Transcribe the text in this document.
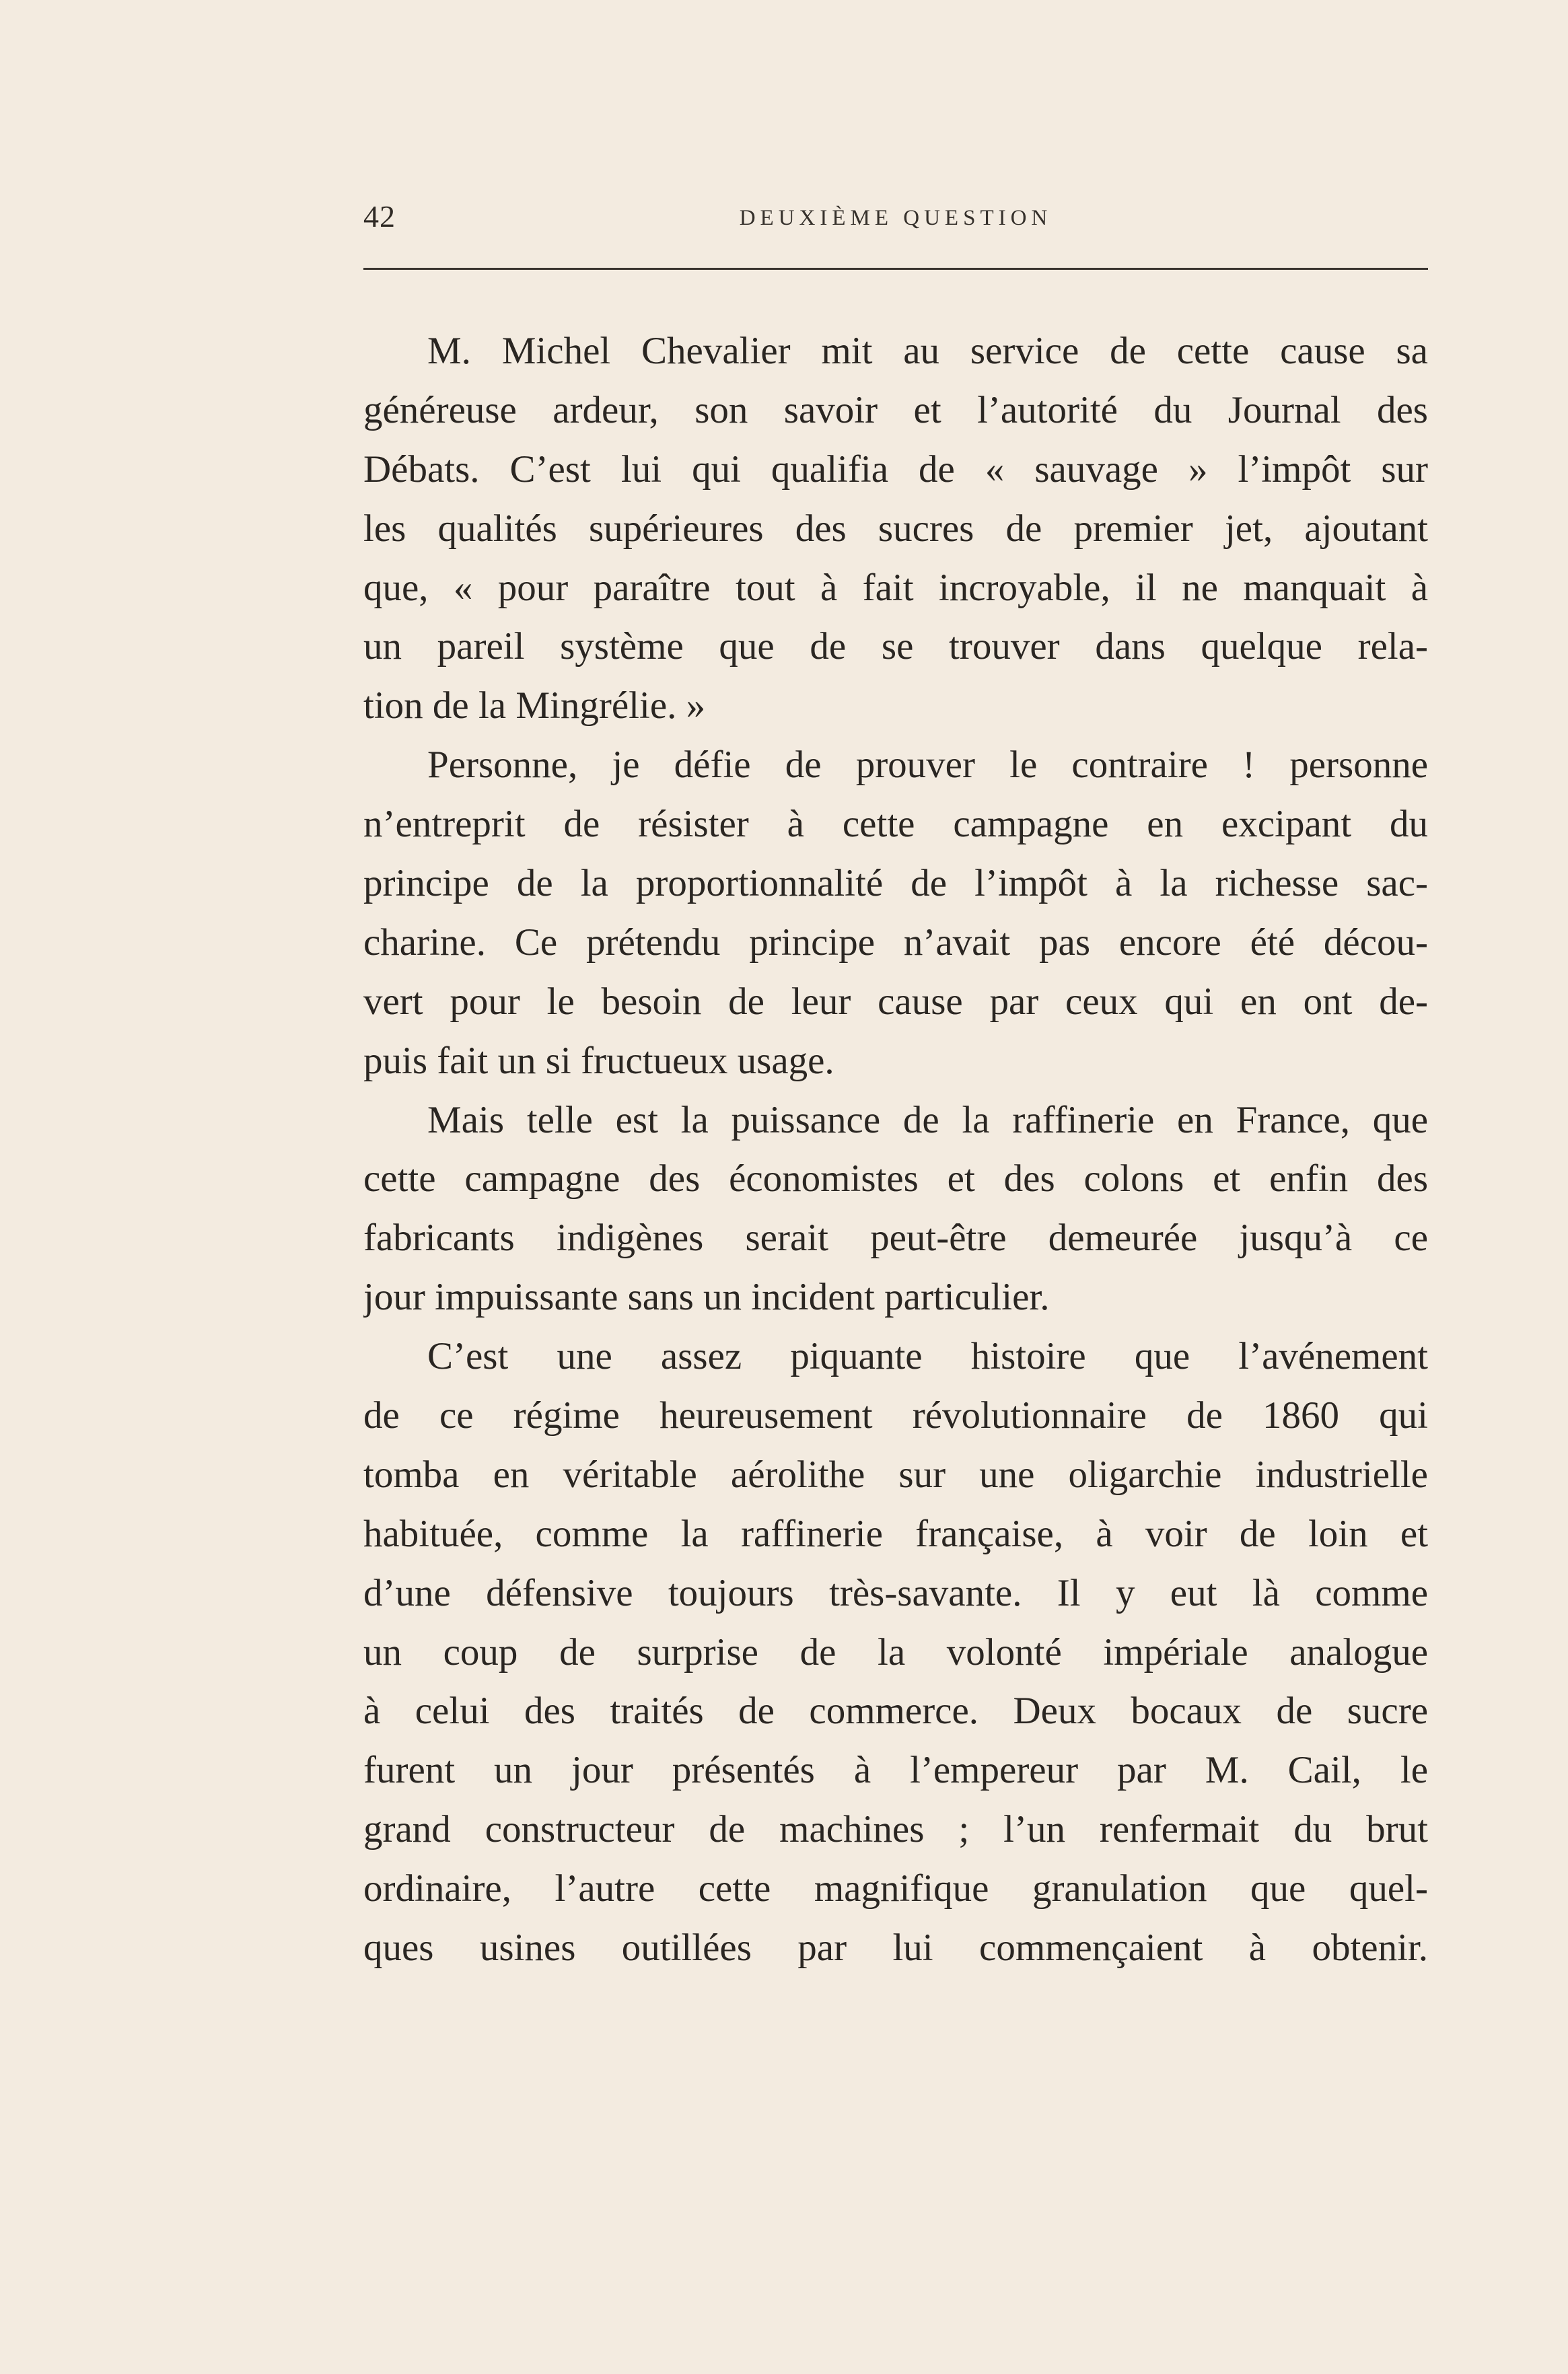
42	DEUXIÈME QUESTION
M. Michel Chevalier mit au service de cette cause sa
généreuse ardeur, son savoir et l’autorité du Journal des
Débats. C’est lui qui qualifia de « sauvage » l’impôt sur
les qualités supérieures des sucres de premier jet, ajoutant
que, « pour paraître tout à fait incroyable, il ne manquait à
un pareil système que de se trouver dans quelque rela-
tion de la Mingrélie. »
Personne, je défie de prouver le contraire ! personne
n’entreprit de résister à cette campagne en excipant du
principe de la proportionnalité de l’impôt à la richesse sac-
charine. Ce prétendu principe n’avait pas encore été décou-
vert pour le besoin de leur cause par ceux qui en ont de-
puis fait un si fructueux usage.
Mais telle est la puissance de la raffinerie en France, que
cette campagne des économistes et des colons et enfin des
fabricants indigènes serait peut-être demeurée jusqu’à ce
jour impuissante sans un incident particulier.
C’est une assez piquante histoire que l’avénement
de ce régime heureusement révolutionnaire de 1860 qui
tomba en véritable aérolithe sur une oligarchie industrielle
habituée, comme la raffinerie française, à voir de loin et
d’une défensive toujours très-savante. Il y eut là comme
un coup de surprise de la volonté impériale analogue
à celui des traités de commerce. Deux bocaux de sucre
furent un jour présentés à l’empereur par M. Cail, le
grand constructeur de machines ; l’un renfermait du brut
ordinaire, l’autre cette magnifique granulation que quel-
ques usines outillées par lui commençaient à obtenir.
